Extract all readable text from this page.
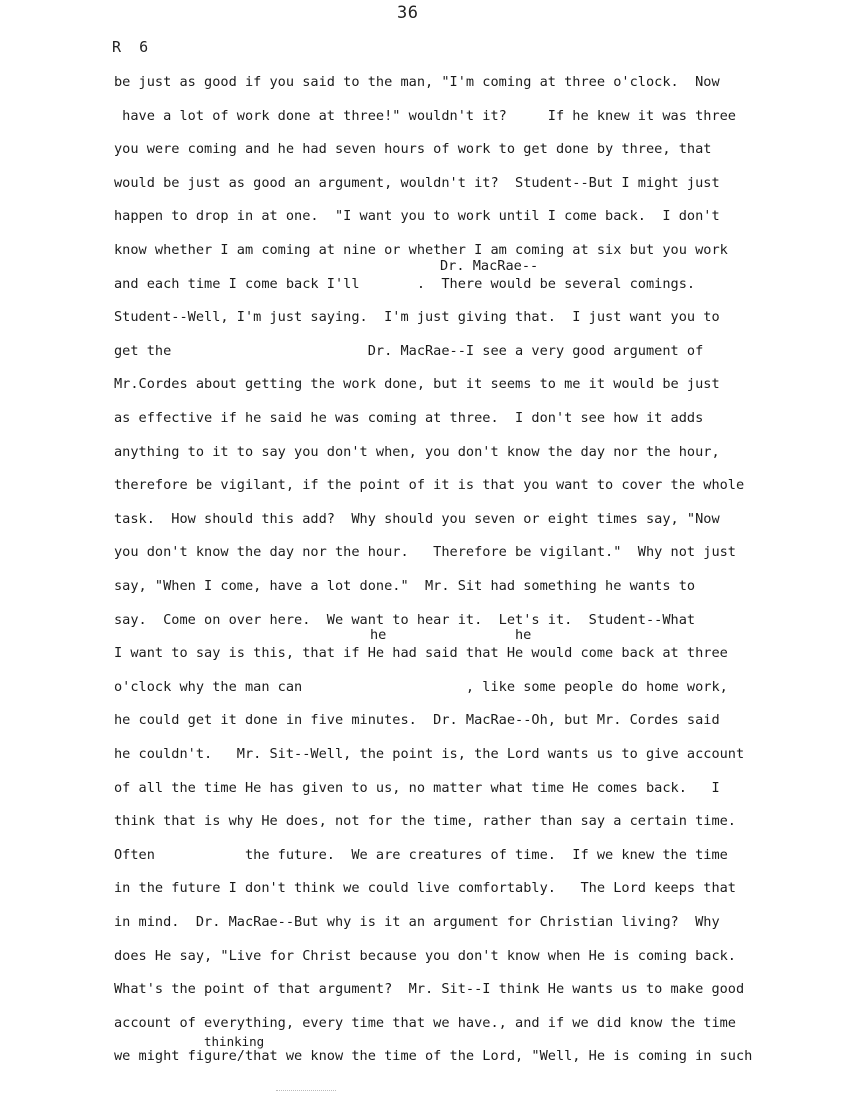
36
R  6
Dr. MacRae--
he	he
thinking
be just as good if you said to the man, "I'm coming at three o'clock.  Now
have a lot of work done at three!" wouldn't it?     If he knew it was three
you were coming and he had seven hours of work to get done by three, that
would be just as good an argument, wouldn't it?  Student--But I might just
happen to drop in at one.  "I want you to work until I come back.  I don't
know whether I am coming at nine or whether I am coming at six but you work
and each time I come back I'll       .  There would be several comings.
Student--Well, I'm just saying.  I'm just giving that.  I just want you to
get the                        Dr. MacRae--I see a very good argument of
Mr.Cordes about getting the work done, but it seems to me it would be just
as effective if he said he was coming at three.  I don't see how it adds
anything to it to say you don't when, you don't know the day nor the hour,
therefore be vigilant, if the point of it is that you want to cover the whole
task.  How should this add?  Why should you seven or eight times say, "Now
you don't know the day nor the hour.   Therefore be vigilant."  Why not just
say, "When I come, have a lot done."  Mr. Sit had something he wants to
say.  Come on over here.  We want to hear it.  Let's it.  Student--What
I want to say is this, that if He had said that He would come back at three
o'clock why the man can                    , like some people do home work,
he could get it done in five minutes.  Dr. MacRae--Oh, but Mr. Cordes said
he couldn't.   Mr. Sit--Well, the point is, the Lord wants us to give account
of all the time He has given to us, no matter what time He comes back.   I
think that is why He does, not for the time, rather than say a certain time.
Often           the future.  We are creatures of time.  If we knew the time
in the future I don't think we could live comfortably.   The Lord keeps that
in mind.  Dr. MacRae--But why is it an argument for Christian living?  Why
does He say, "Live for Christ because you don't know when He is coming back.
What's the point of that argument?  Mr. Sit--I think He wants us to make good
account of everything, every time that we have., and if we did know the time
we might figure/that we know the time of the Lord, "Well, He is coming in such
